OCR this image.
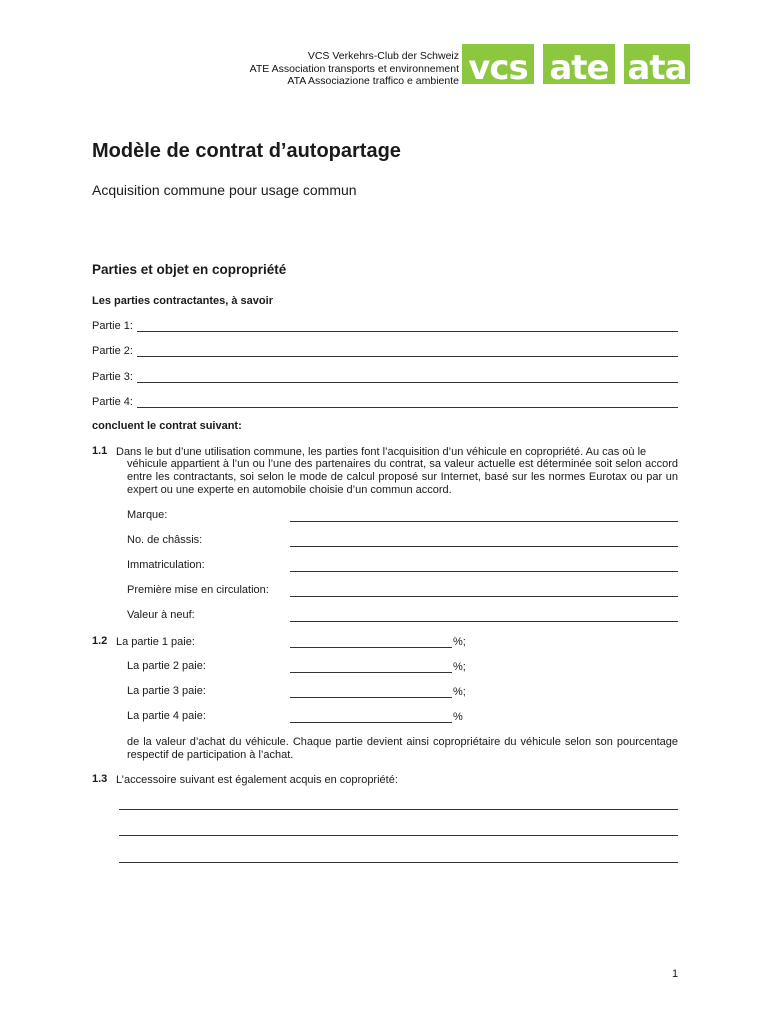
VCS Verkehrs-Club der Schweiz
ATE Association transports et environnement
ATA Associazione traffico e ambiente vcs ate ata
Modèle de contrat d’autopartage
Acquisition commune pour usage commun
Parties et objet en copropriété
Les parties contractantes, à savoir
Partie 1:
Partie 2:
Partie 3:
Partie 4:
concluent le contrat suivant:
1.1 Dans le but d’une utilisation commune, les parties font l’acquisition d’un véhicule en copropriété. Au cas où le
véhicule appartient à l’un ou l’une des partenaires du contrat, sa valeur actuelle est déterminée soit selon accord entre les contractants, soi selon le mode de calcul proposé sur Internet, basé sur les normes Eurotax ou par un expert ou une experte en automobile choisie d’un commun accord.
Marque:
No. de châssis:
Immatriculation:
Première mise en circulation:
Valeur à neuf:
1.2 La partie 1 paie:	%;
La partie 2 paie:	%;
La partie 3 paie:	%;
La partie 4 paie:	%
de la valeur d’achat du véhicule. Chaque partie devient ainsi copropriétaire du véhicule selon son pourcentage respectif de participation à l’achat.
1.3 L’accessoire suivant est également acquis en copropriété:
1
